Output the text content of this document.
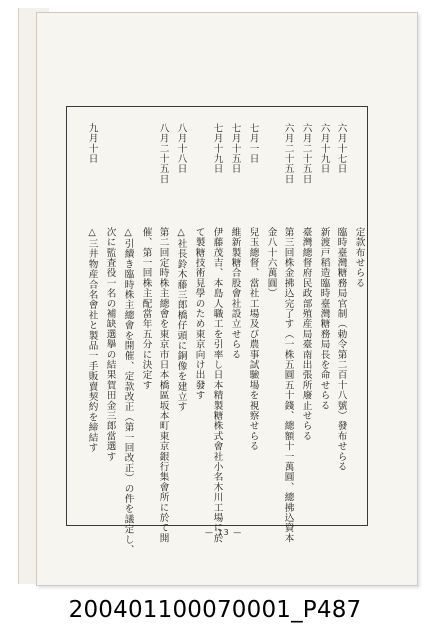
定款布せらる
六月十七日
臨時臺灣糖務局官制（勅令第二百十八號）發布せらる
六月十九日
新渡戸稻造臨時臺灣糖務局長を命せらる
六月二十五日
臺灣總督府民政部殖産局臺南出張所廢止せらる
六月二十五日
第三回株金拂込完了す（一株五圓五十錢、總額十一萬圓、總拂込資本
金八十六萬圓）
七月一日
兒玉總督、當社工場及び農事試驗場を視察せらる
七月十五日
維新製糖合股會社設立せらる
七月十九日
伊藤茂吉、本島人職工を引率し日本精製糖株式會社小名木川工場に於
て製糖技術見學のため東京向け出發す
八月十八日
△社長鈴木藤三郎橋仔頭に銅像を建立す
八月二十五日
第二回定時株主總會を東京市日本橋區坂本町東京銀行集會所に於て開
催、第一回株主配當年五分に決定す
△引續き臨時株主總會を開催、定款改正（第一回改正）の件を議定し、
次に監査役一名の補缺選擧の結果賀田金三郎當選す
九月十日
△三井物産合名會社と製品一手販賣契約を締結す
— 13 —
200401100070001_P487
